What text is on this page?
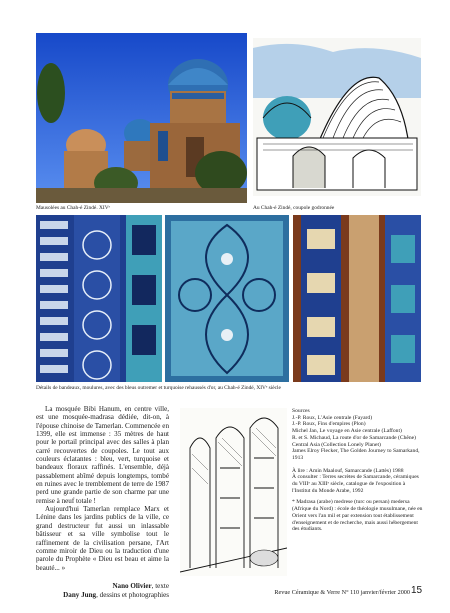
Mausolées au Chah-é Zindé. XIVᵉ	Au Chah-é Zindé, coupole godronnée
Détails de bandeaux, moulures, avec des bleus outremer et turquoise rehaussés d'or, au Chah-é Zindé, XIVᵉ siècle

La mosquée Bibi Hanum, en centre ville, est une mosquée-madrasa dédiée, dit-on, à l'épouse chinoise de Tamerlan. Commencée en 1399, elle est immense : 35 mètres de haut pour le portail principal avec des salles à plan carré recouvertes de coupoles. Le tout aux couleurs éclatantes : bleu, vert, turquoise et bandeaux floraux raffinés. L'ensemble, déjà passablement abîmé depuis longtemps, tombé en ruines avec le tremblement de terre de 1987 perd une grande partie de son charme par une remise à neuf totale !

Aujourd'hui Tamerlan remplace Marx et Lénine dans les jardins publics de la ville, ce grand destructeur fut aussi un inlassable bâtisseur et sa ville symbolise tout le raffinement de la civilisation persane, l'Art comme miroir de Dieu ou la traduction d'une parole du Prophète « Dieu est beau et aime la beauté... »

Nano Olivier, texte
Dany Jung, dessins et photographies
Sources
J.-P. Roux, L'Asie centrale (Fayard)
J.-P. Roux, Fins d'empires (Plon)
Michel Jan, Le voyage en Asie centrale (Laffont)
R. et S. Michaud, La route d'or de Samarcande (Chêne)
Central Asia (Collection Lonely Planet)
James Elroy Flecker, The Golden Journey to Samarkand, 1913
À lire : Amin Maalouf, Samarcande (Lattès) 1988
À consulter : Terres secrètes de Samarcande, céramiques du VIIIᵉ au XIIIᵉ siècle, catalogue de l'exposition à l'Institut du Monde Arabe, 1992
* Madrasa (arabe) medrese (turc ou persan) medersa (Afrique du Nord) : école de théologie musulmane, née en Orient vers l'an mil et par extension tout établissement d'enseignement et de recherche, mais aussi hébergement des étudiants.
Revue Céramique & Verre N° 110 janvier/février 2000 15
